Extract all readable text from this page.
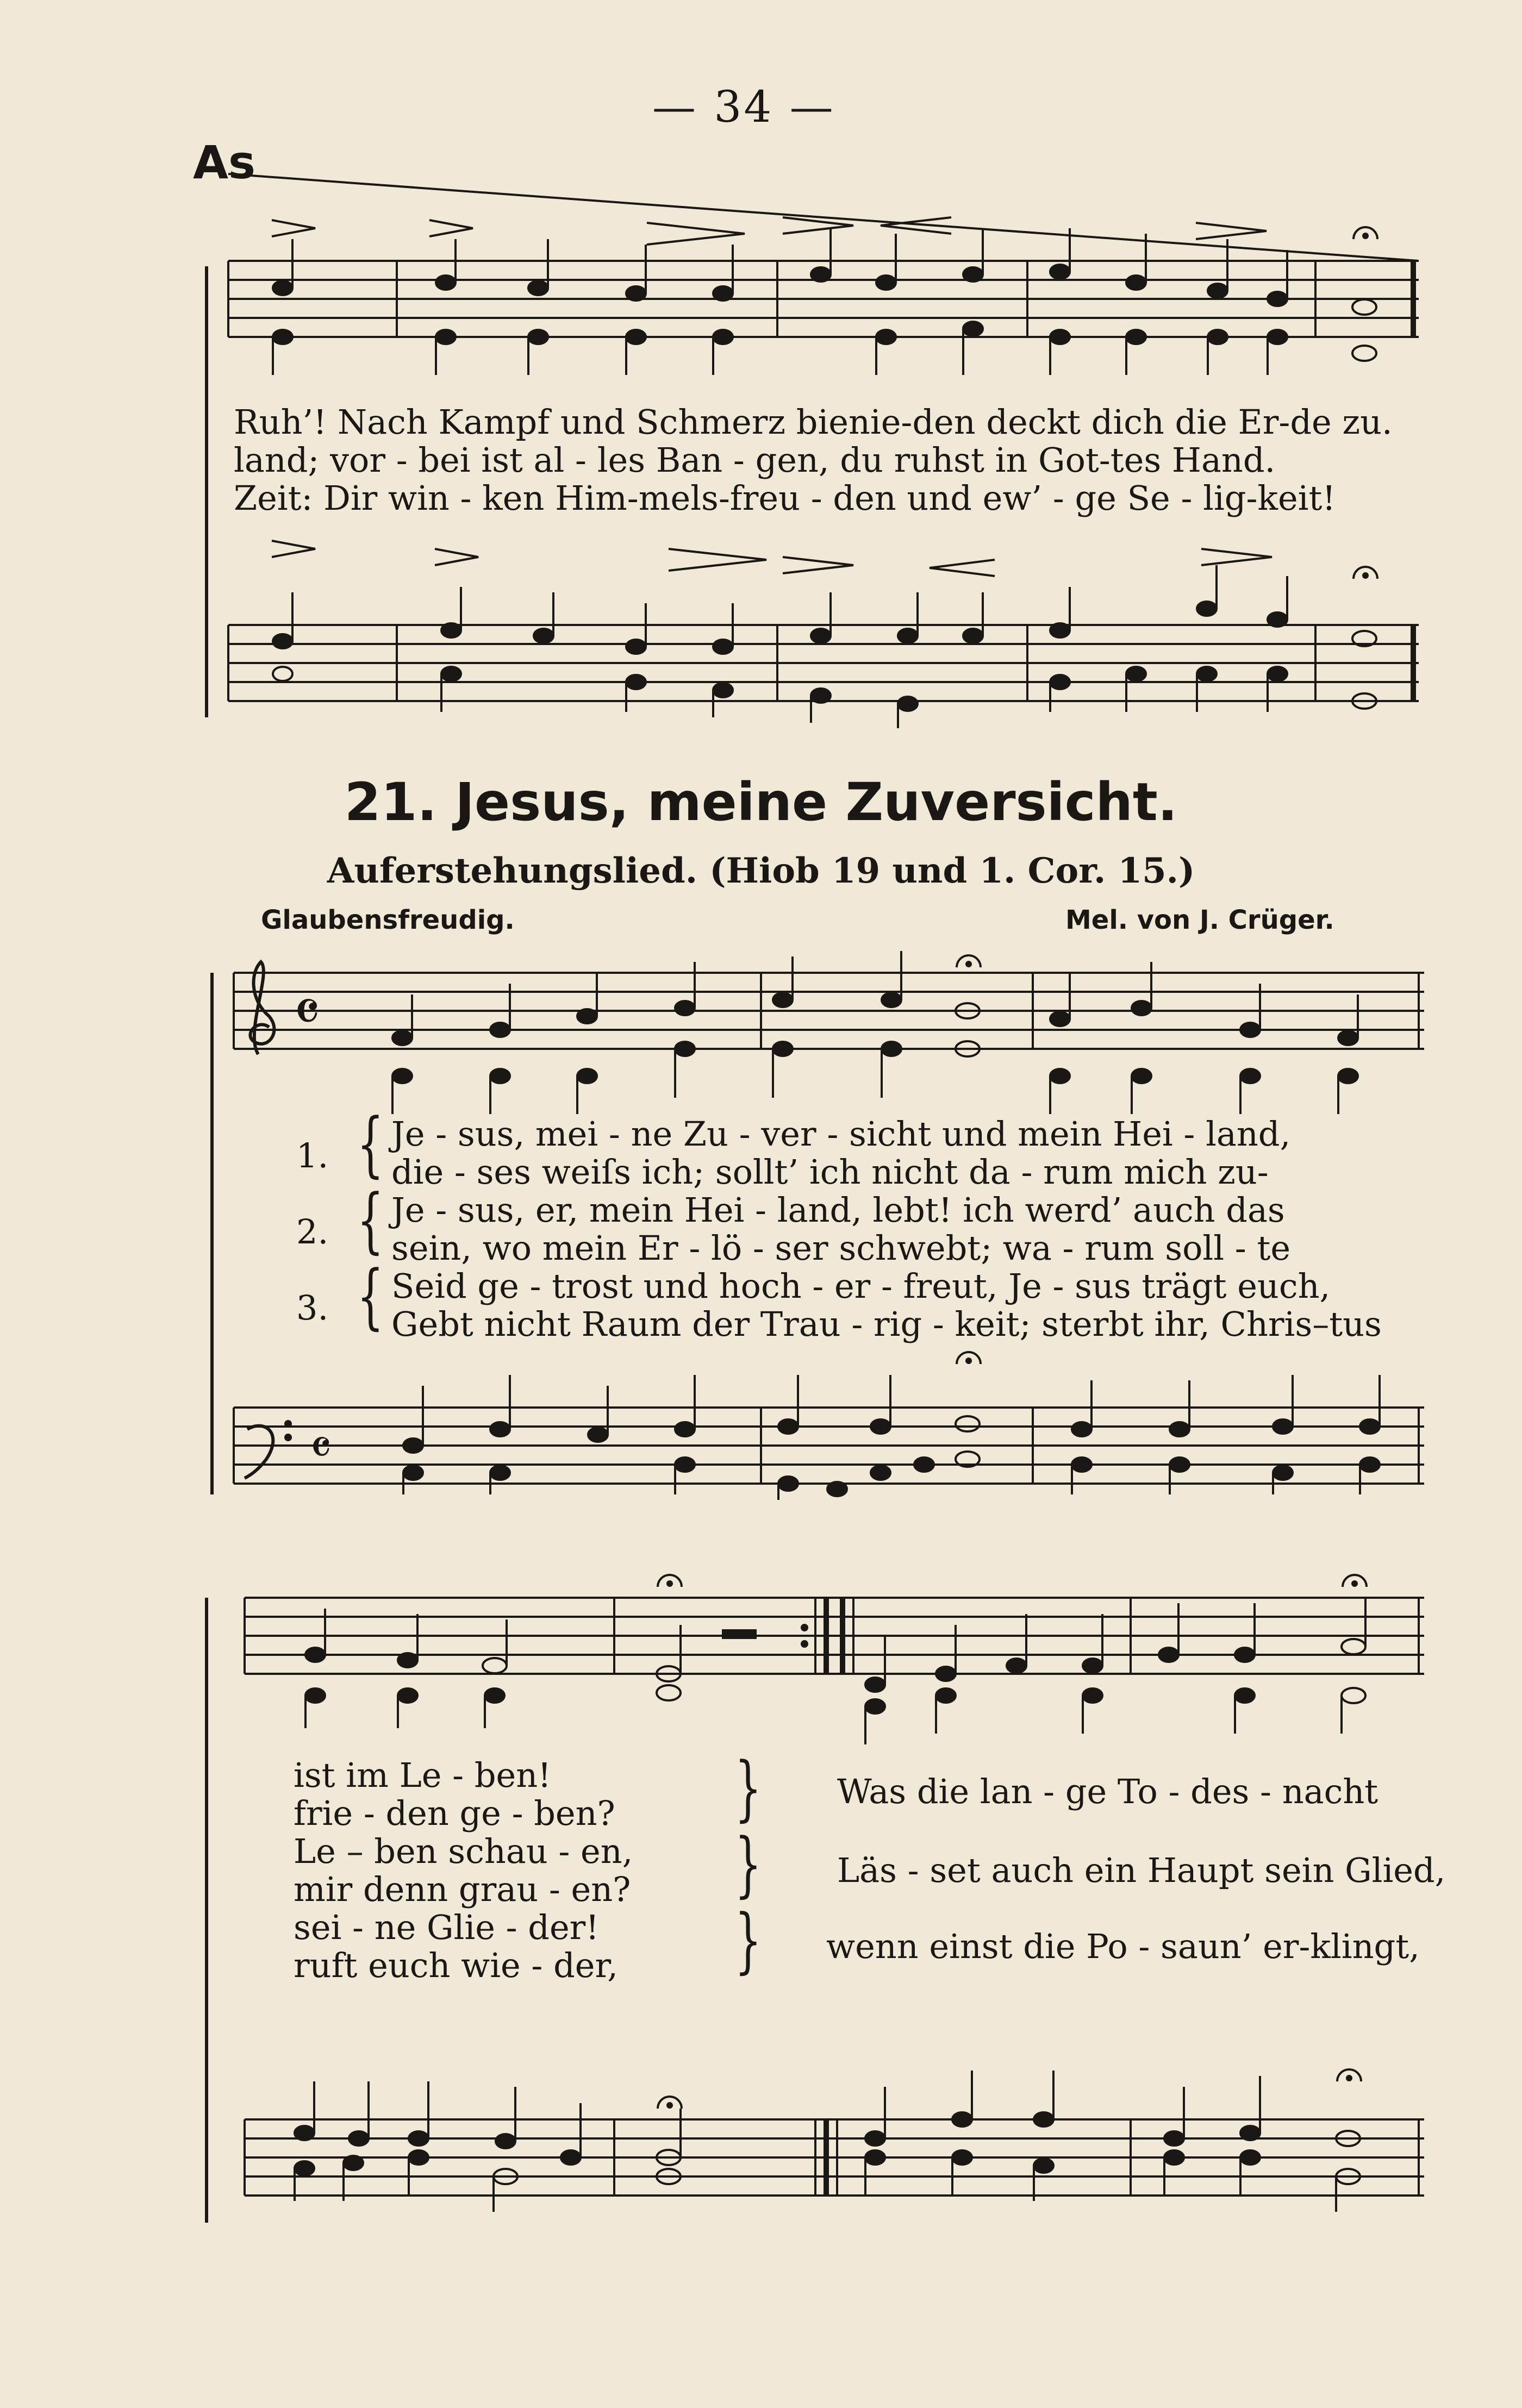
— 34 —
As
Ruh’! Nach Kampf und Schmerz bienie-den deckt dich die Er-de zu.
land; vor - bei ist al - les Ban - gen, du ruhst in Got-tes Hand.
Zeit: Dir win - ken Him-mels-freu - den und ew’ - ge Se - lig-keit!
21. Jesus, meine Zuversicht.
Auferstehungslied. (Hiob 19 und 1. Cor. 15.)
Glaubensfreudig.	Mel. von J. Crüger.
𝄴
𝄴
1. { Je - sus, mei - ne Zu - ver - sicht und mein Hei - land,
die - ses weiſs ich; sollt’ ich nicht da - rum mich zu-
2. { Je - sus, er, mein Hei - land, lebt! ich werd’ auch das
sein, wo mein Er - lö - ser schwebt; wa - rum soll - te
3. { Seid ge - trost und hoch - er - freut, Je - sus trägt euch,
Gebt nicht Raum der Trau - rig - keit; sterbt ihr, Chris–tus
ist im Le - ben!
frie - den ge - ben?
Le – ben schau - en,
mir denn grau - en?
sei - ne Glie - der!
ruft euch wie - der,
}
}
}
Was die lan - ge To - des - nacht
Läs - set auch ein Haupt sein Glied,
wenn einst die Po - saun’ er-klingt,
